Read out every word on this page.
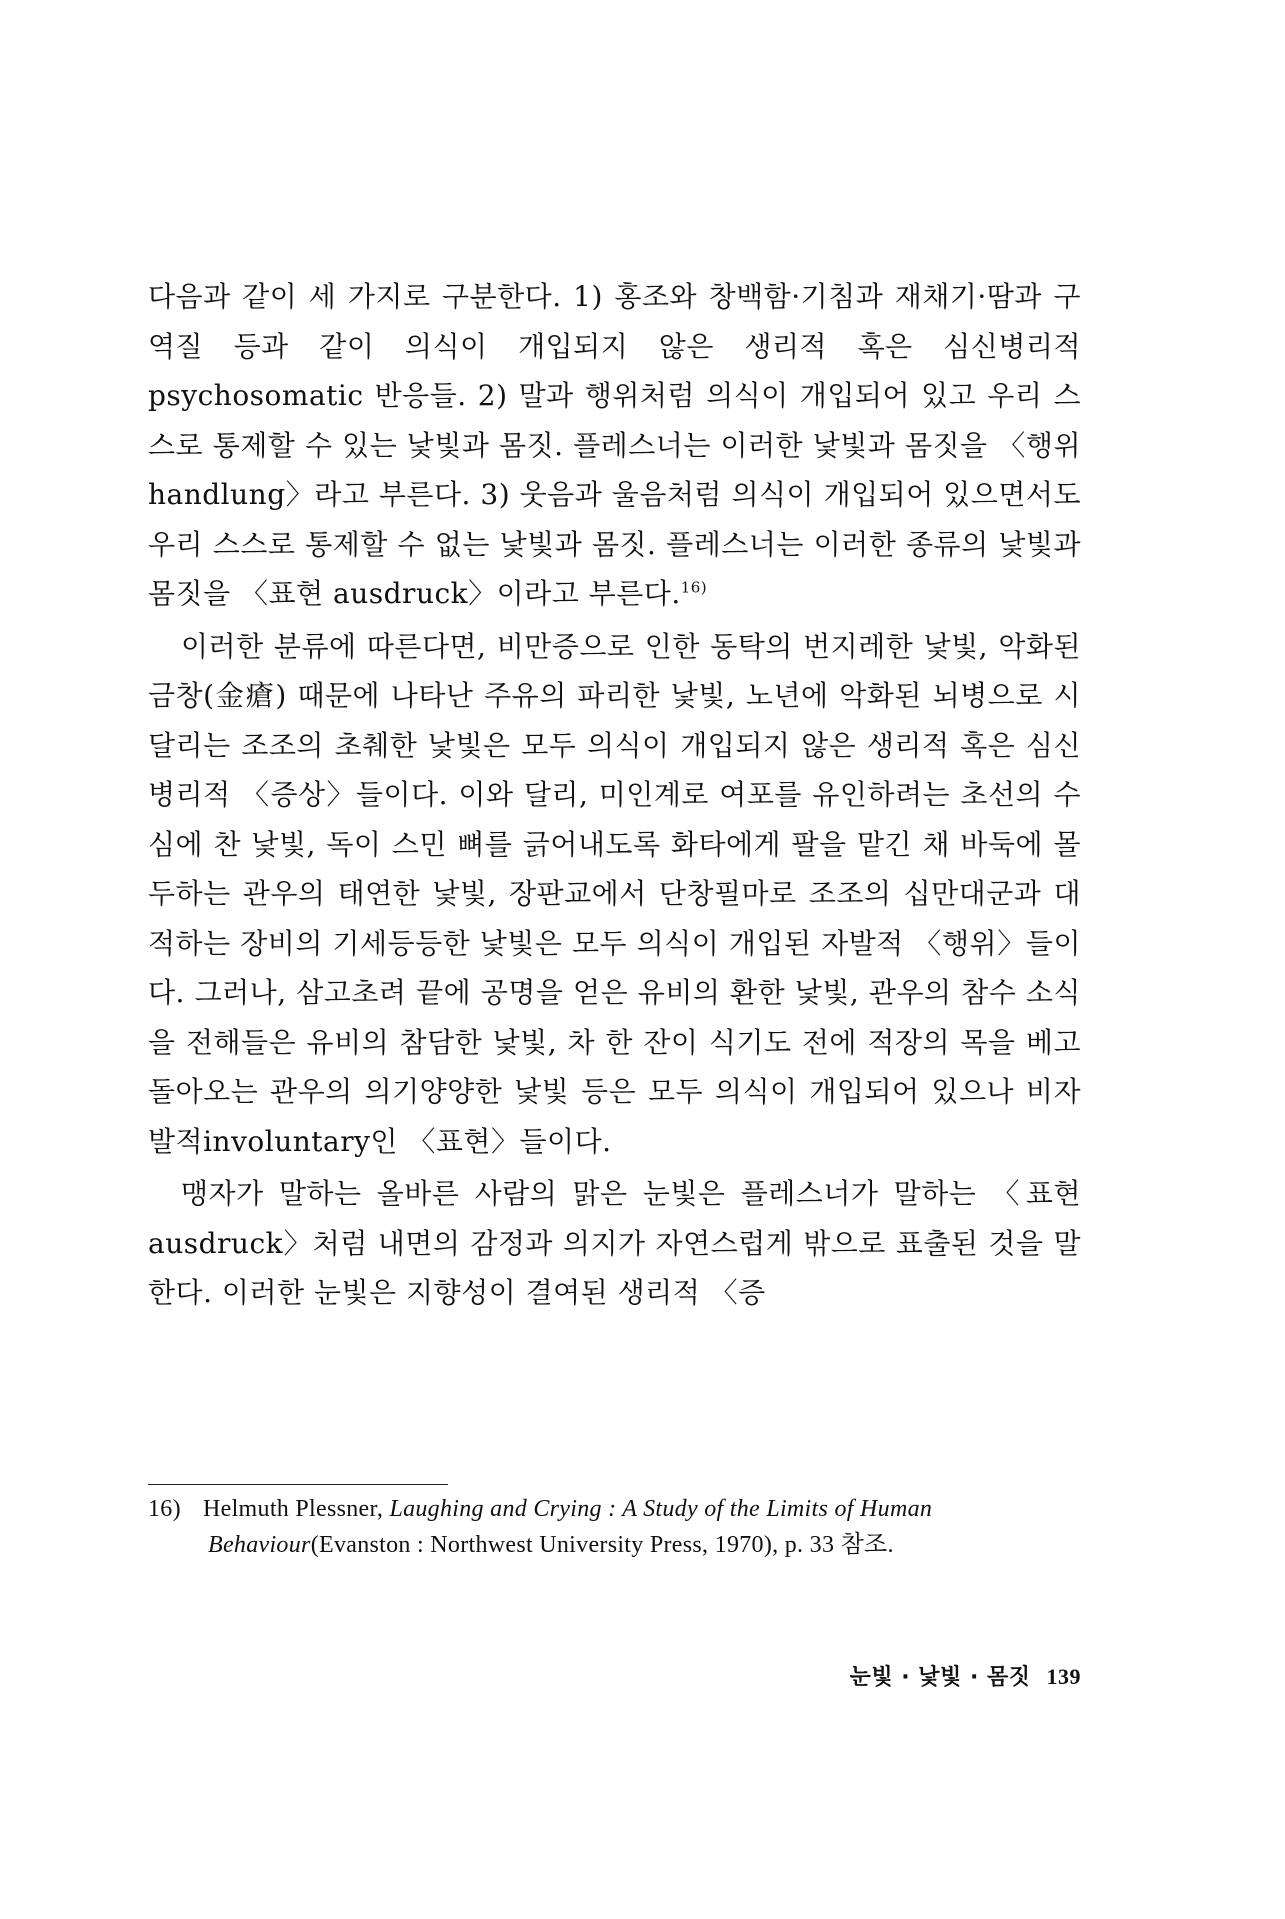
다음과 같이 세 가지로 구분한다. 1) 홍조와 창백함·기침과 재채기·땀과 구역질 등과 같이 의식이 개입되지 않은 생리적 혹은 심신병리적 psychosomatic 반응들. 2) 말과 행위처럼 의식이 개입되어 있고 우리 스스로 통제할 수 있는 낯빛과 몸짓. 플레스너는 이러한 낯빛과 몸짓을 〈행위 handlung〉라고 부른다. 3) 웃음과 울음처럼 의식이 개입되어 있으면서도 우리 스스로 통제할 수 없는 낯빛과 몸짓. 플레스너는 이러한 종류의 낯빛과 몸짓을 〈표현 ausdruck〉이라고 부른다.$^{16)}$

이러한 분류에 따른다면, 비만증으로 인한 동탁의 번지레한 낯빛, 악화된 금창(金瘡) 때문에 나타난 주유의 파리한 낯빛, 노년에 악화된 뇌병으로 시달리는 조조의 초췌한 낯빛은 모두 의식이 개입되지 않은 생리적 혹은 심신병리적 〈증상〉들이다. 이와 달리, 미인계로 여포를 유인하려는 초선의 수심에 찬 낯빛, 독이 스민 뼈를 긁어내도록 화타에게 팔을 맡긴 채 바둑에 몰두하는 관우의 태연한 낯빛, 장판교에서 단창필마로 조조의 십만대군과 대적하는 장비의 기세등등한 낯빛은 모두 의식이 개입된 자발적 〈행위〉들이다. 그러나, 삼고초려 끝에 공명을 얻은 유비의 환한 낯빛, 관우의 참수 소식을 전해들은 유비의 참담한 낯빛, 차 한 잔이 식기도 전에 적장의 목을 베고 돌아오는 관우의 의기양양한 낯빛 등은 모두 의식이 개입되어 있으나 비자발적involuntary인 〈표현〉들이다.

맹자가 말하는 올바른 사람의 맑은 눈빛은 플레스너가 말하는 〈표현 ausdruck〉처럼 내면의 감정과 의지가 자연스럽게 밖으로 표출된 것을 말한다. 이러한 눈빛은 지향성이 결여된 생리적 〈증

16) Helmuth Plessner, Laughing and Crying : A Study of the Limits of Human Behaviour(Evanston : Northwest University Press, 1970), p. 33 참조.
눈빛 · 낯빛 · 몸짓 139
